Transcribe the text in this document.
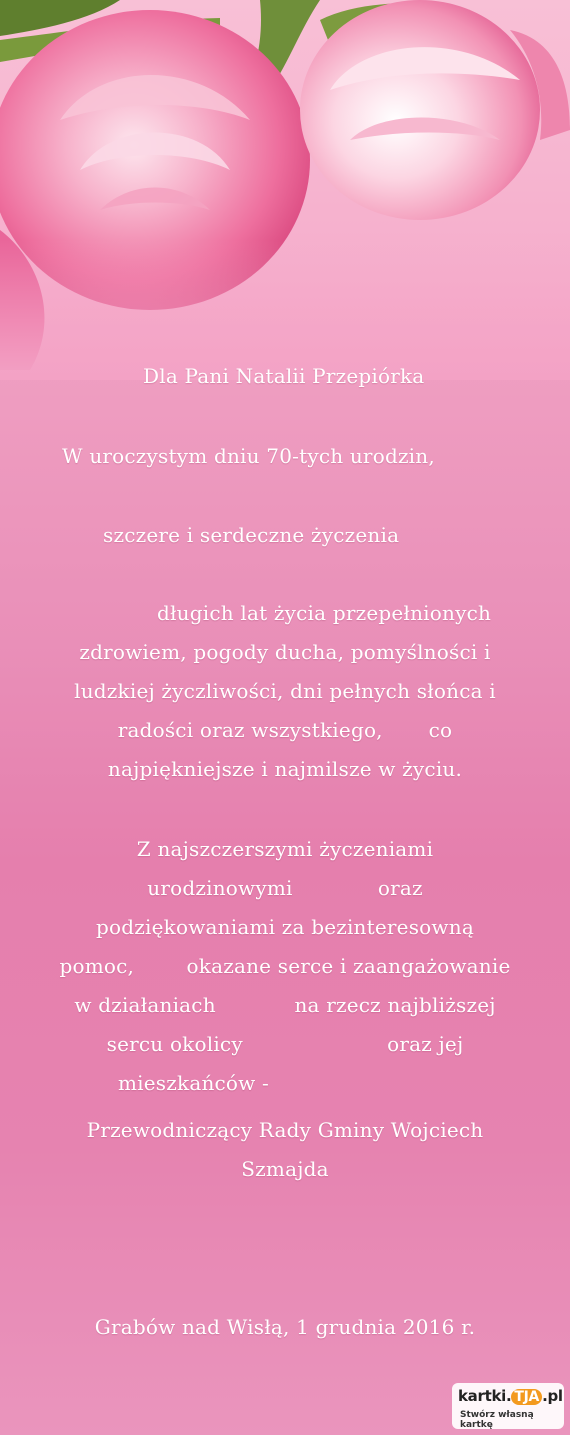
Dla Pani Natalii Przepiórka
W uroczystym dniu 70-tych urodzin,
szczere i serdeczne życzenia
długich lat życia przepełnionych
zdrowiem, pogody ducha, pomyślności i
ludzkiej życzliwości, dni pełnych słońca i
radości oraz wszystkiego,       co
najpiękniejsze i najmilsze w życiu.
Z najszczerszymi życzeniami
urodzinowymi             oraz
podziękowaniami za bezinteresowną
pomoc,        okazane serce i zaangażowanie
w działaniach            na rzecz najbliższej
sercu okolicy                      oraz jej
mieszkańców -
Przewodniczący Rady Gminy Wojciech
Szmajda
Grabów nad Wisłą, 1 grudnia 2016 r.
kartki. TJA .pl
Stwórz własną kartkę
